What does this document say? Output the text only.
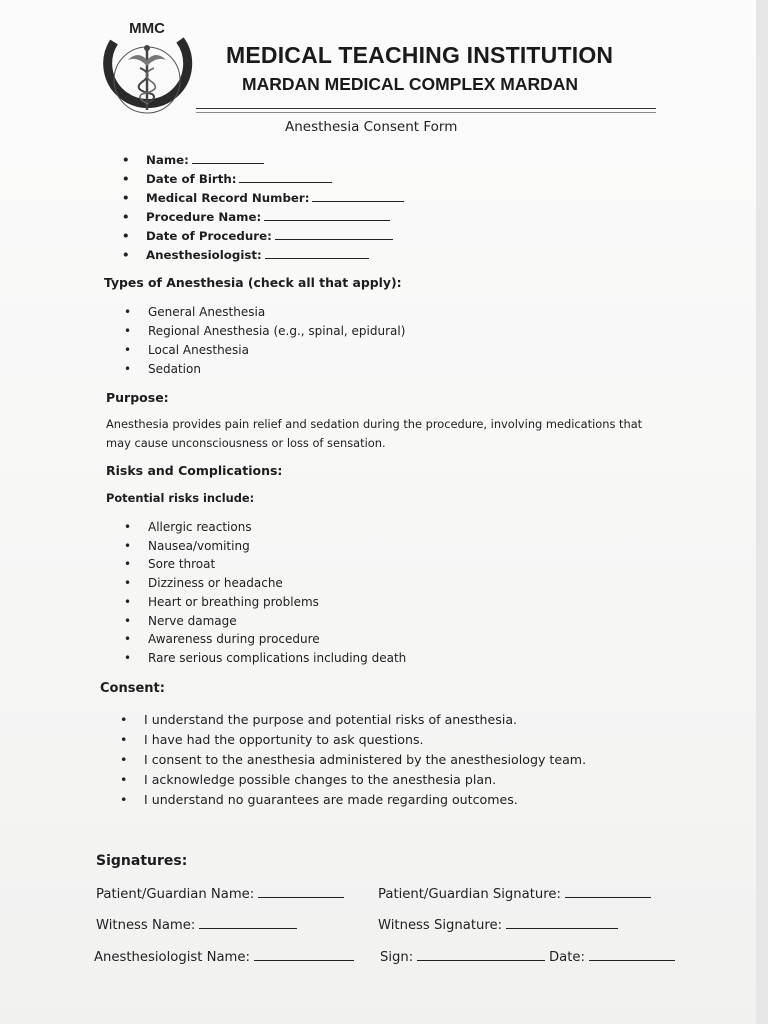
MMC
MEDICAL TEACHING INSTITUTION
MARDAN MEDICAL COMPLEX MARDAN
Anesthesia Consent Form
• Name:
• Date of Birth:
• Medical Record Number:
• Procedure Name:
• Date of Procedure:
• Anesthesiologist:
Types of Anesthesia (check all that apply):
• General Anesthesia
• Regional Anesthesia (e.g., spinal, epidural)
• Local Anesthesia
• Sedation
Purpose:
Anesthesia provides pain relief and sedation during the procedure, involving medications that may cause unconsciousness or loss of sensation.
Risks and Complications:
Potential risks include:
• Allergic reactions
• Nausea/vomiting
• Sore throat
• Dizziness or headache
• Heart or breathing problems
• Nerve damage
• Awareness during procedure
• Rare serious complications including death
Consent:
• I understand the purpose and potential risks of anesthesia.
• I have had the opportunity to ask questions.
• I consent to the anesthesia administered by the anesthesiology team.
• I acknowledge possible changes to the anesthesia plan.
• I understand no guarantees are made regarding outcomes.
Signatures:
Patient/Guardian Name:	Patient/Guardian Signature:
Witness Name:	Witness Signature:
Anesthesiologist Name:	Sign:	Date:
